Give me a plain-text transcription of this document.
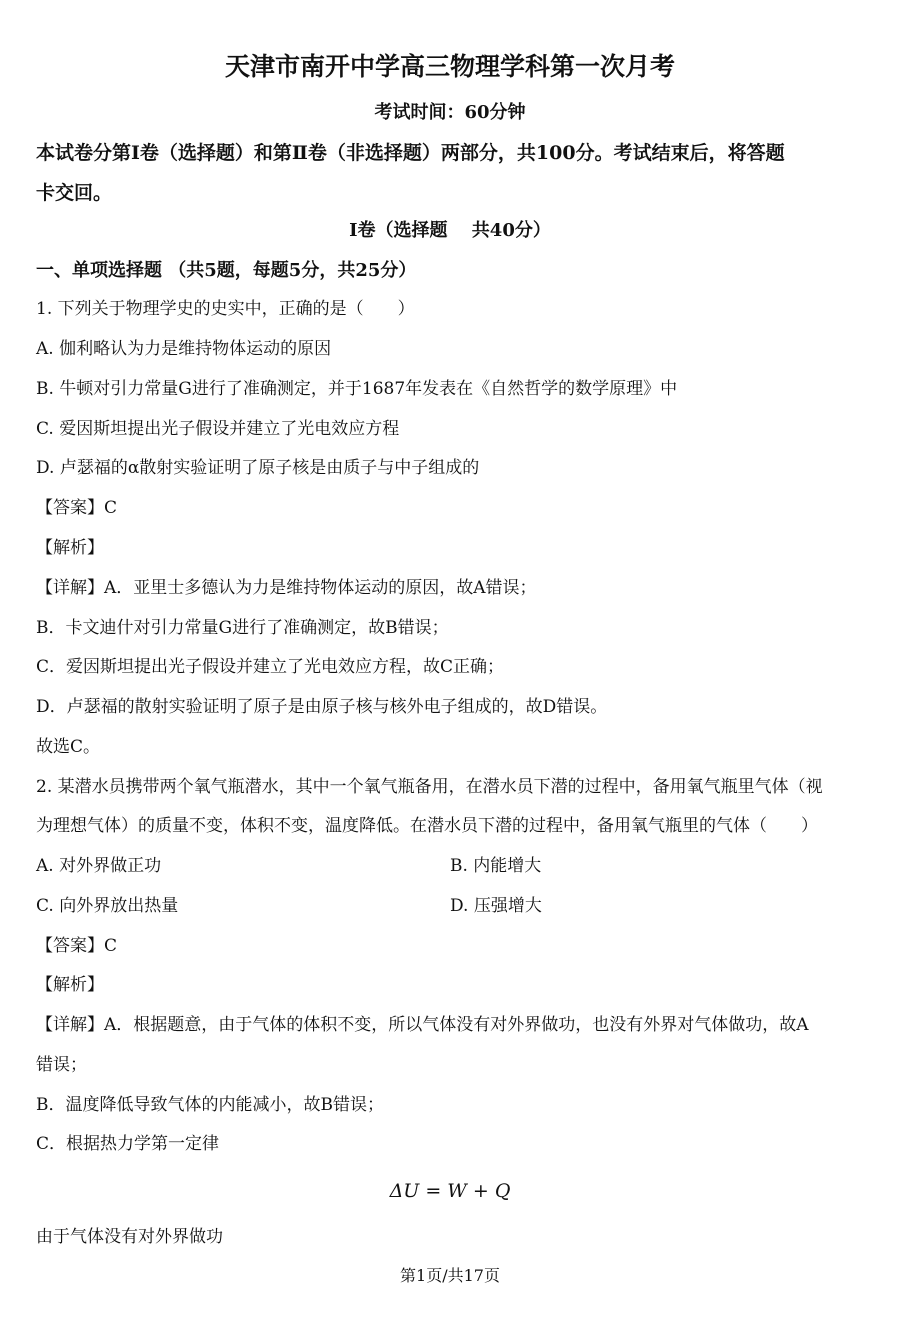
天津市南开中学高三物理学科第一次月考
考试时间：60分钟
本试卷分第Ⅰ卷（选择题）和第Ⅱ卷（非选择题）两部分，共100分。考试结束后，将答题
卡交回。
Ⅰ卷（选择题　 共40分）
一、单项选择题 （共5题，每题5分，共25分）
1. 下列关于物理学史的史实中，正确的是（　　）
A. 伽利略认为力是维持物体运动的原因
B. 牛顿对引力常量G进行了准确测定，并于1687年发表在《自然哲学的数学原理》中
C. 爱因斯坦提出光子假设并建立了光电效应方程
D. 卢瑟福的α散射实验证明了原子核是由质子与中子组成的
【答案】C
【解析】
【详解】A．亚里士多德认为力是维持物体运动的原因，故A错误；
B．卡文迪什对引力常量G进行了准确测定，故B错误；
C．爱因斯坦提出光子假设并建立了光电效应方程，故C正确；
D．卢瑟福的散射实验证明了原子是由原子核与核外电子组成的，故D错误。
故选C。
2. 某潜水员携带两个氧气瓶潜水，其中一个氧气瓶备用，在潜水员下潜的过程中，备用氧气瓶里气体（视
为理想气体）的质量不变，体积不变，温度降低。在潜水员下潜的过程中，备用氧气瓶里的气体（　　）
A. 对外界做正功	B. 内能增大
C. 向外界放出热量	D. 压强增大
【答案】C
【解析】
【详解】A．根据题意，由于气体的体积不变，所以气体没有对外界做功，也没有外界对气体做功，故A
错误；
B．温度降低导致气体的内能减小，故B错误；
C．根据热力学第一定律
ΔU = W + Q
由于气体没有对外界做功
第1页/共17页
